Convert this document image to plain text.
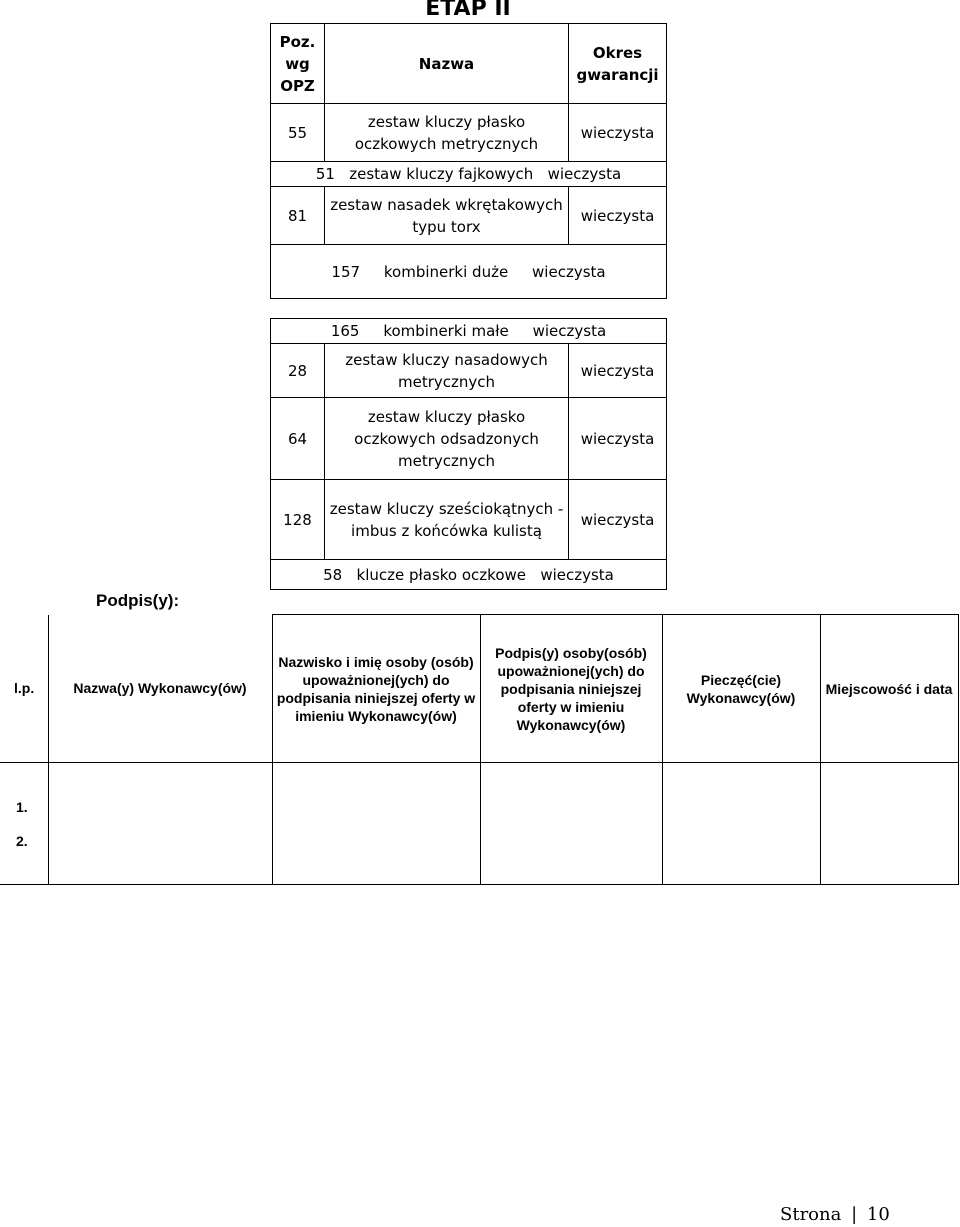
ETAP II
Poz. wg OPZ	Nazwa	Okres gwarancji
55	zestaw kluczy płasko oczkowych metrycznych	wieczysta
51 zestaw kluczy fajkowych wieczysta		
81	zestaw nasadek wkrętakowych typu torx	wieczysta
157 kombinerki duże wieczysta		

165 kombinerki małe wieczysta		
28	zestaw kluczy nasadowych metrycznych	wieczysta
64	zestaw kluczy płasko oczkowych odsadzonych metrycznych	wieczysta
128	zestaw kluczy sześciokątnych - imbus z końcówka kulistą	wieczysta
58 klucze płasko oczkowe wieczysta		
Podpis(y):
l.p.	Nazwa(y) Wykonawcy(ów)	Nazwisko i imię osoby (osób) upoważnionej(ych) do podpisania niniejszej oferty w imieniu Wykonawcy(ów)	Podpis(y) osoby(osób) upoważnionej(ych) do podpisania niniejszej oferty w imieniu Wykonawcy(ów)	Pieczęć(cie) Wykonawcy(ów)	Miejscowość i data

1.
2.					

Strona | 10
